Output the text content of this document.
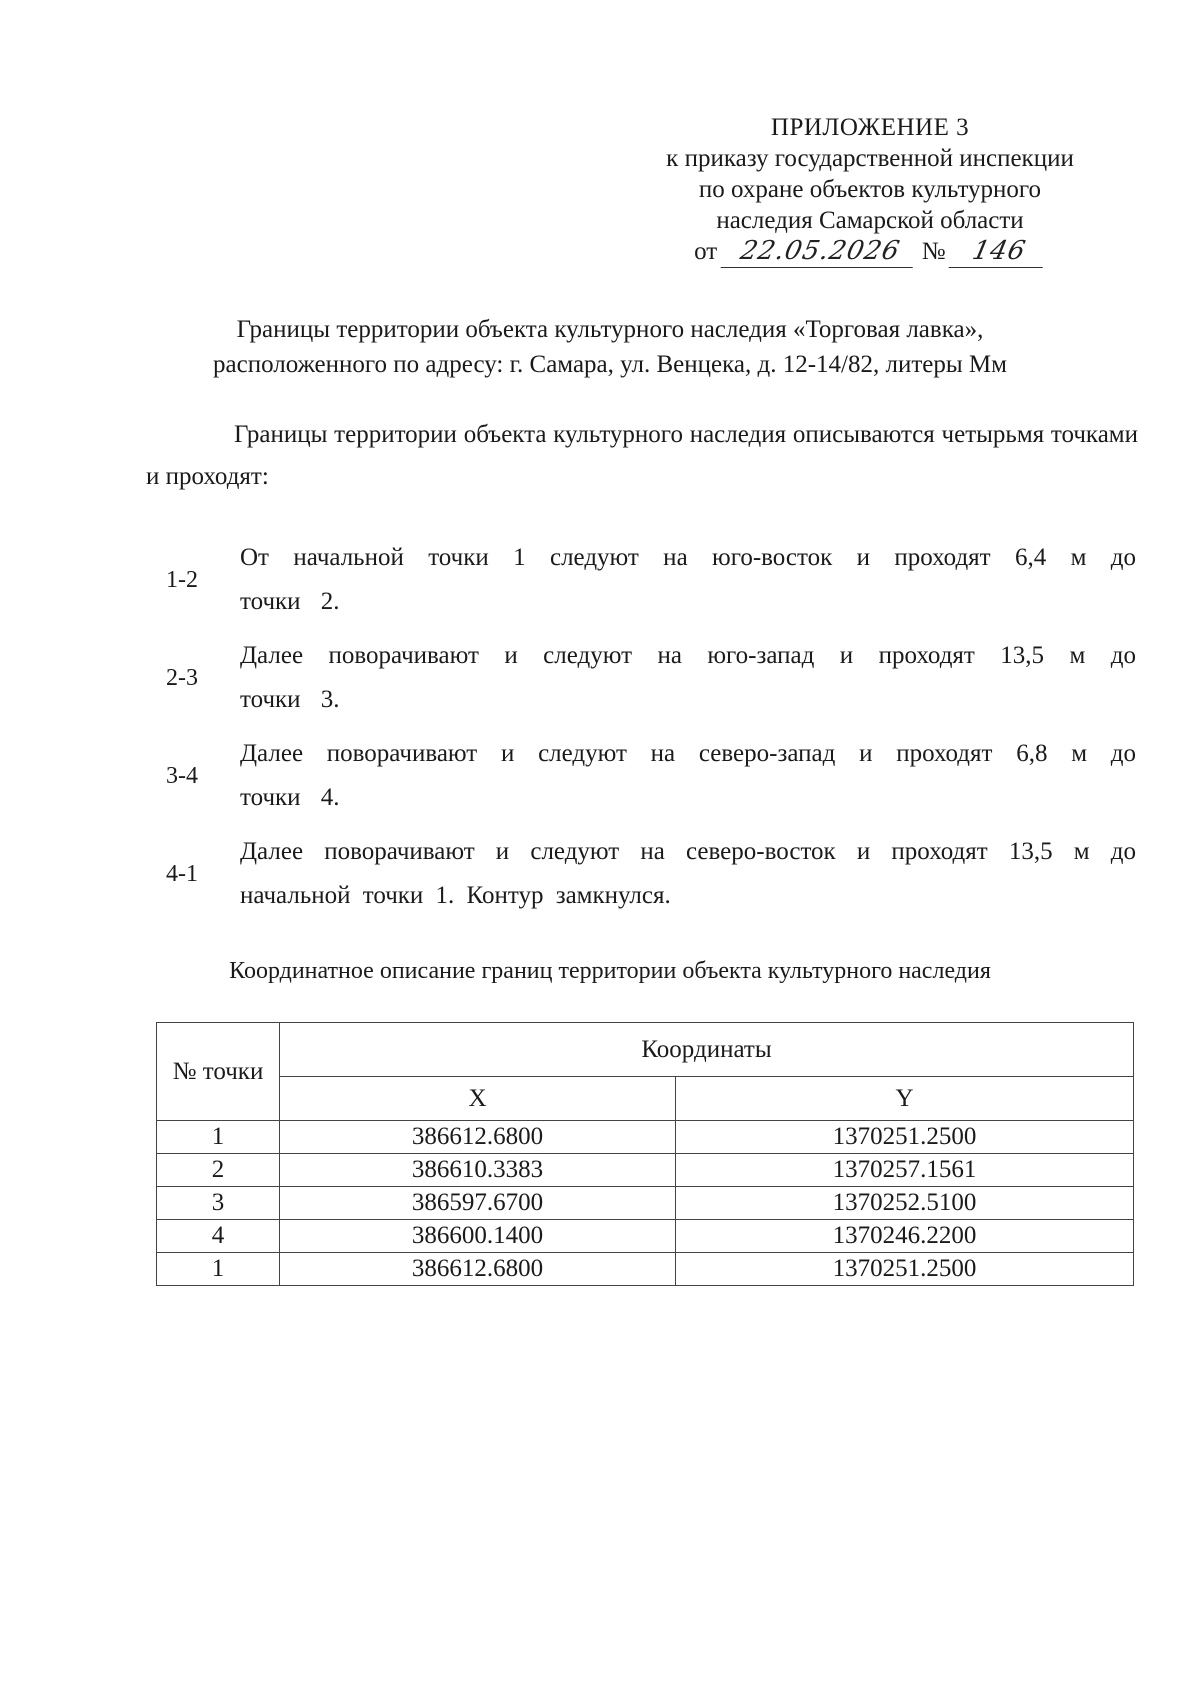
ПРИЛОЖЕНИЕ 3
к приказу государственной инспекции
по охране объектов культурного
наследия Самарской области
от 22.05.2026 № 146
Границы территории объекта культурного наследия «Торговая лавка»,
расположенного по адресу: г. Самара, ул. Венцека, д. 12-14/82, литеры Мм
Границы территории объекта культурного наследия описываются четырьмя точками и проходят:
1-2
От начальной точки 1 следуют на юго-восток и проходят 6,4 м до точки 2.
2-3
Далее поворачивают и следуют на юго-запад и проходят 13,5 м до точки 3.
3-4
Далее поворачивают и следуют на северо-запад и проходят 6,8 м до точки 4.
4-1
Далее поворачивают и следуют на северо-восток и проходят 13,5 м до начальной точки 1. Контур замкнулся.
Координатное описание границ территории объекта культурного наследия
№ точки	Координаты	
	X	Y
1	386612.6800	1370251.2500
2	386610.3383	1370257.1561
3	386597.6700	1370252.5100
4	386600.1400	1370246.2200
1	386612.6800	1370251.2500
